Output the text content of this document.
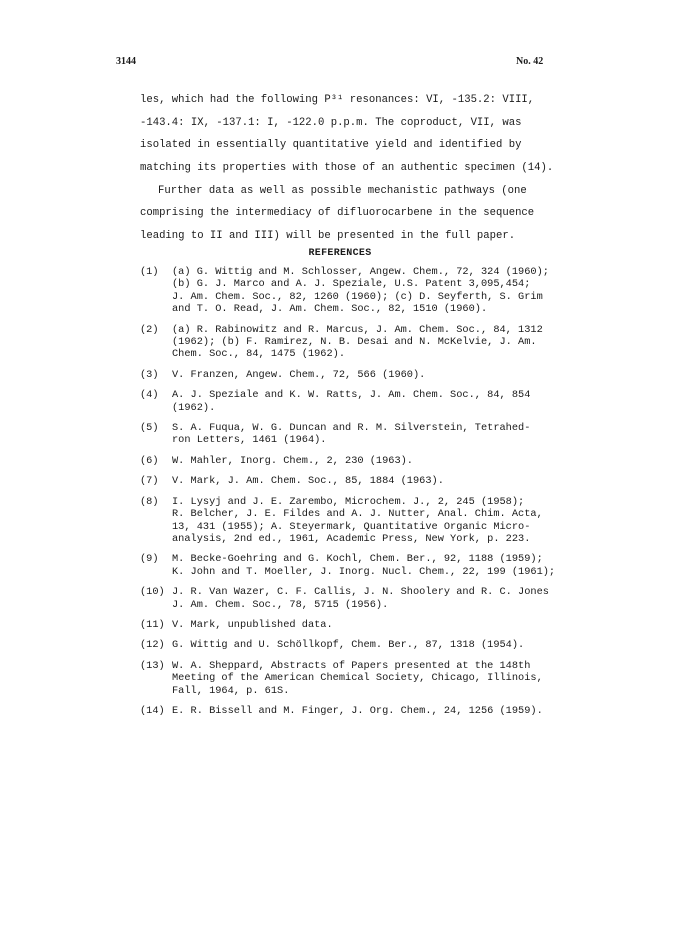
3144	No. 42
les, which had the following P³¹ resonances: VI, -135.2: VIII,
-143.4: IX, -137.1: I, -122.0 p.p.m. The coproduct, VII, was
isolated in essentially quantitative yield and identified by
matching its properties with those of an authentic specimen (14).
Further data as well as possible mechanistic pathways (one
comprising the intermediacy of difluorocarbene in the sequence
leading to II and III) will be presented in the full paper.
REFERENCES
(1)	(a) G. Wittig and M. Schlosser, Angew. Chem., 72, 324 (1960);
(b) G. J. Marco and A. J. Speziale, U.S. Patent 3,095,454;
J. Am. Chem. Soc., 82, 1260 (1960); (c) D. Seyferth, S. Grim
and T. O. Read, J. Am. Chem. Soc., 82, 1510 (1960).
(2)	(a) R. Rabinowitz and R. Marcus, J. Am. Chem. Soc., 84, 1312
(1962); (b) F. Ramirez, N. B. Desai and N. McKelvie, J. Am.
Chem. Soc., 84, 1475 (1962).
(3)	V. Franzen, Angew. Chem., 72, 566 (1960).
(4)	A. J. Speziale and K. W. Ratts, J. Am. Chem. Soc., 84, 854
(1962).
(5)	S. A. Fuqua, W. G. Duncan and R. M. Silverstein, Tetrahed-
ron Letters, 1461 (1964).
(6)	W. Mahler, Inorg. Chem., 2, 230 (1963).
(7)	V. Mark, J. Am. Chem. Soc., 85, 1884 (1963).
(8)	I. Lysyj and J. E. Zarembo, Microchem. J., 2, 245 (1958);
R. Belcher, J. E. Fildes and A. J. Nutter, Anal. Chim. Acta,
13, 431 (1955); A. Steyermark, Quantitative Organic Micro-
analysis, 2nd ed., 1961, Academic Press, New York, p. 223.
(9)	M. Becke-Goehring and G. Kochl, Chem. Ber., 92, 1188 (1959);
K. John and T. Moeller, J. Inorg. Nucl. Chem., 22, 199 (1961);
(10) J. R. Van Wazer, C. F. Callis, J. N. Shoolery and R. C. Jones
J. Am. Chem. Soc., 78, 5715 (1956).
(11) V. Mark, unpublished data.
(12) G. Wittig and U. Schöllkopf, Chem. Ber., 87, 1318 (1954).
(13) W. A. Sheppard, Abstracts of Papers presented at the 148th
Meeting of the American Chemical Society, Chicago, Illinois,
Fall, 1964, p. 61S.
(14) E. R. Bissell and M. Finger, J. Org. Chem., 24, 1256 (1959).
